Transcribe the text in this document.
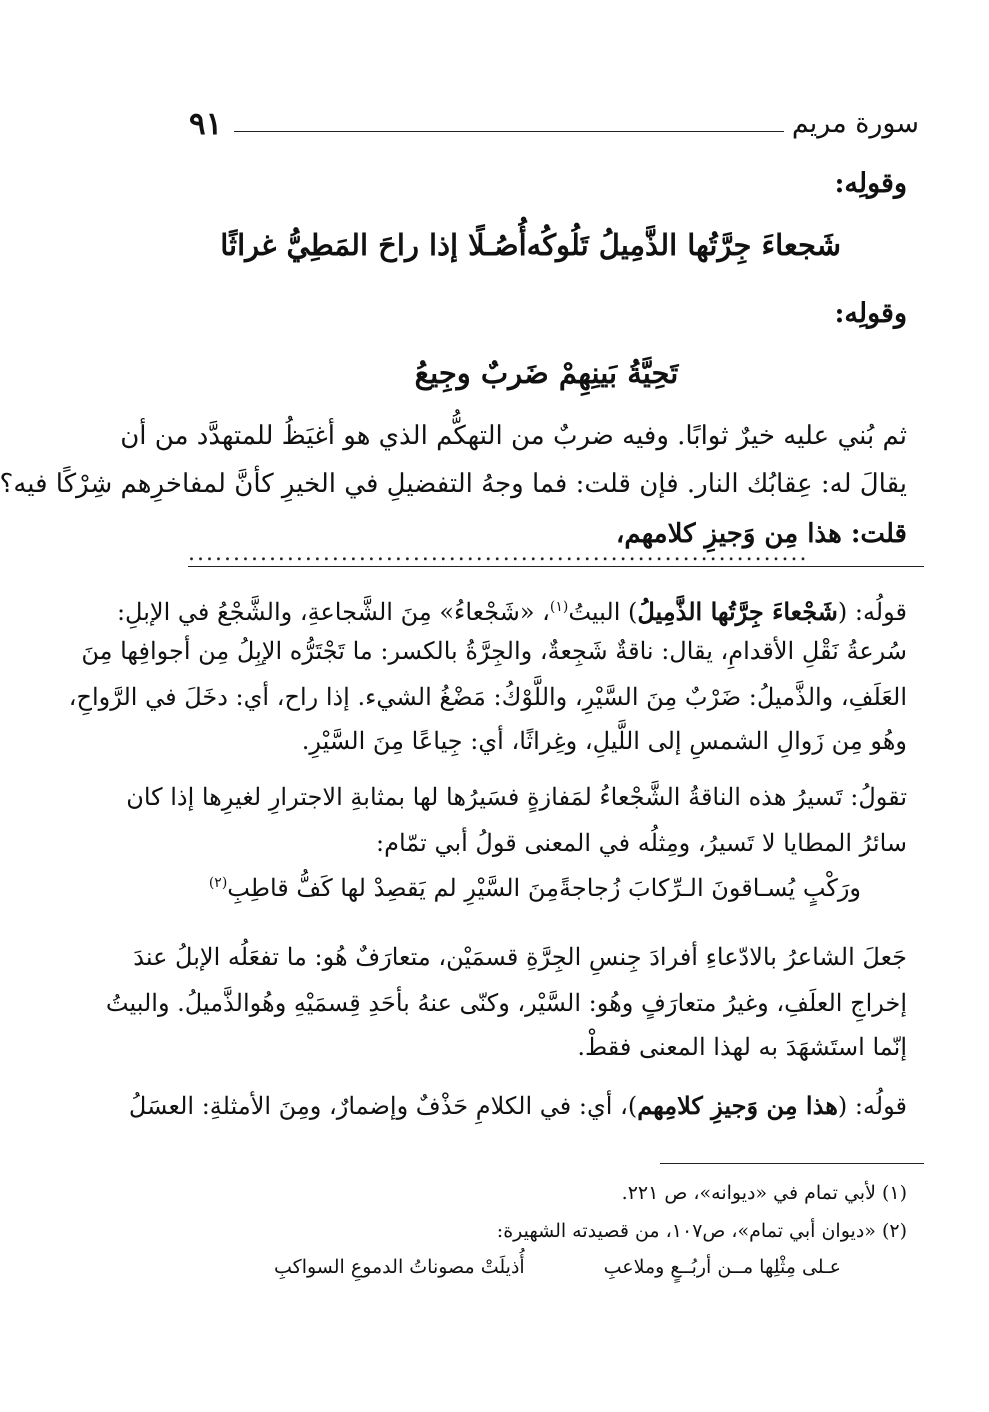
سورة مريم
٩١

وقولِه:

شَجعاءَ جِرَّتُها الذَّمِيلُ تَلُوكُه
أُصُـلًا إذا راحَ المَطِيُّ غراثًا

وقولِه:

تَحِيَّةُ بَينِهِمْ ضَربٌ وجِيعُ

ثم بُني عليه خيرٌ ثوابًا. وفيه ضربٌ من التهكُّم الذي هو أغيَظُ للمتهدَّد من أن

يقالَ له: عِقابُك النار. فإن قلت: فما وجهُ التفضيلِ في الخيرِ كأنَّ لمفاخرِهم شِرْكًا فيه؟

قلت: هذا مِن وَجيزِ كلامهم،

.....................................................................

قولُه: (شَجْعاءَ جِرَّتُها الذَّمِيلُ) البيتُ$^{(١)}$، «شَجْعاءُ» مِنَ الشَّجاعةِ، والشَّجْعُ في الإبلِ:

سُرعةُ نَقْلِ الأقدامِ، يقال: ناقةٌ شَجِعةٌ، والجِرَّةُ بالكسر: ما تَجْتَرُّه الإبِلُ مِن أجوافِها مِنَ

العَلَفِ، والذَّميلُ: ضَرْبٌ مِنَ السَّيْرِ، واللَّوْكُ: مَضْغُ الشيء. إذا راح، أي: دخَلَ في الرَّواحِ،

وهُو مِن زَوالِ الشمسِ إلى اللَّيلِ، وغِراثًا، أي: جِياعًا مِنَ السَّيْرِ.

تقولُ: تَسيرُ هذه الناقةُ الشَّجْعاءُ لمَفازةٍ فسَيرُها لها بمثابةِ الاجترارِ لغيرِها إذا كان

سائرُ المطايا لا تَسيرُ، ومِثلُه في المعنى قولُ أبي تمّام:

ورَكْبٍ يُسـاقونَ الـرِّكابَ زُجاجةً
مِنَ السَّيْرِ لم يَقصِدْ لها كَفُّ قاطِبِ$^{(٢)}$

جَعلَ الشاعرُ بالادّعاءِ أفرادَ جِنسِ الجِرَّةِ قسمَيْن، متعارَفٌ هُو: ما تفعَلُه الإبلُ عندَ

إخراجِ العلَفِ، وغيرُ متعارَفٍ وهُو: السَّيْر، وكنّى عنهُ بأحَدِ قِسمَيْهِ وهُوالذَّميلُ. والبيتُ

إنّما استَشهَدَ به لهذا المعنى فقطْ.

قولُه: (هذا مِن وَجيزِ كلامِهم)، أي: في الكلامِ حَذْفٌ وإضمارٌ، ومِنَ الأمثلةِ: العسَلُ

(١) لأبي تمام في «ديوانه»، ص ٢٢١.

(٢) «ديوان أبي تمام»، ص١٠٧، من قصيدته الشهيرة:

عـلى مِثْلِها مــن أربُــعٍ وملاعبِ
أُذيلَتْ مصوناتُ الدموعِ السواكبِ
